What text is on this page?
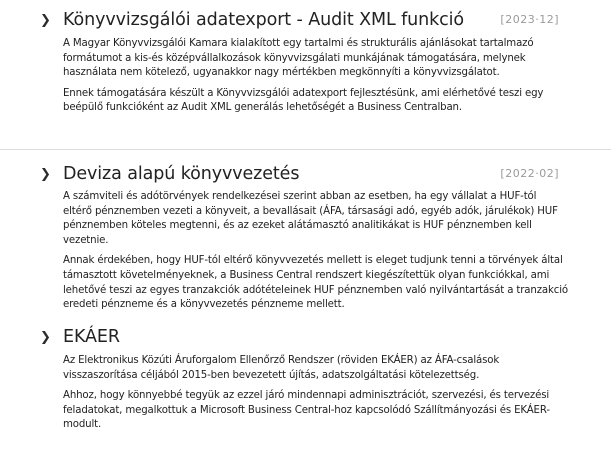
❯ Könyvvizsgálói adatexport - Audit XML funkció	[2023·12]

A Magyar Könyvvizsgálói Kamara kialakított egy tartalmi és strukturális ajánlásokat tartalmazó formátumot a kis-és középvállalkozások könyvvizsgálati munkájának támogatására, melynek használata nem kötelező, ugyanakkor nagy mértékben megkönnyíti a könyvvizsgálatot.

Ennek támogatására készült a Könyvvizsgálói adatexport fejlesztésünk, ami elérhetővé teszi egy beépülő funkcióként az Audit XML generálás lehetőségét a Business Centralban.

❯ Deviza alapú könyvvezetés	[2022·02]

A számviteli és adótörvények rendelkezései szerint abban az esetben, ha egy vállalat a HUF-tól eltérő pénznemben vezeti a könyveit, a bevallásait (ÁFA, társasági adó, egyéb adók, járulékok) HUF pénznemben köteles megtenni, és az ezeket alátámasztó analitikákat is HUF pénznemben kell vezetnie.

Annak érdekében, hogy HUF-tól eltérő könyvvezetés mellett is eleget tudjunk tenni a törvények által támasztott követelményeknek, a Business Central rendszert kiegészítettük olyan funkciókkal, ami lehetővé teszi az egyes tranzakciók adótételeinek HUF pénznemben való nyilvántartását a tranzakció eredeti pénzneme és a könyvvezetés pénzneme mellett.

❯ EKÁER

Az Elektronikus Közúti Áruforgalom Ellenőrző Rendszer (röviden EKÁER) az ÁFA-csalások visszaszorítása céljából 2015-ben bevezetett újítás, adatszolgáltatási kötelezettség.

Ahhoz, hogy könnyebbé tegyük az ezzel járó mindennapi adminisztrációt, szervezési, és tervezési feladatokat, megalkottuk a Microsoft Business Central-hoz kapcsolódó Szállítmányozási és EKÁER-modult.
